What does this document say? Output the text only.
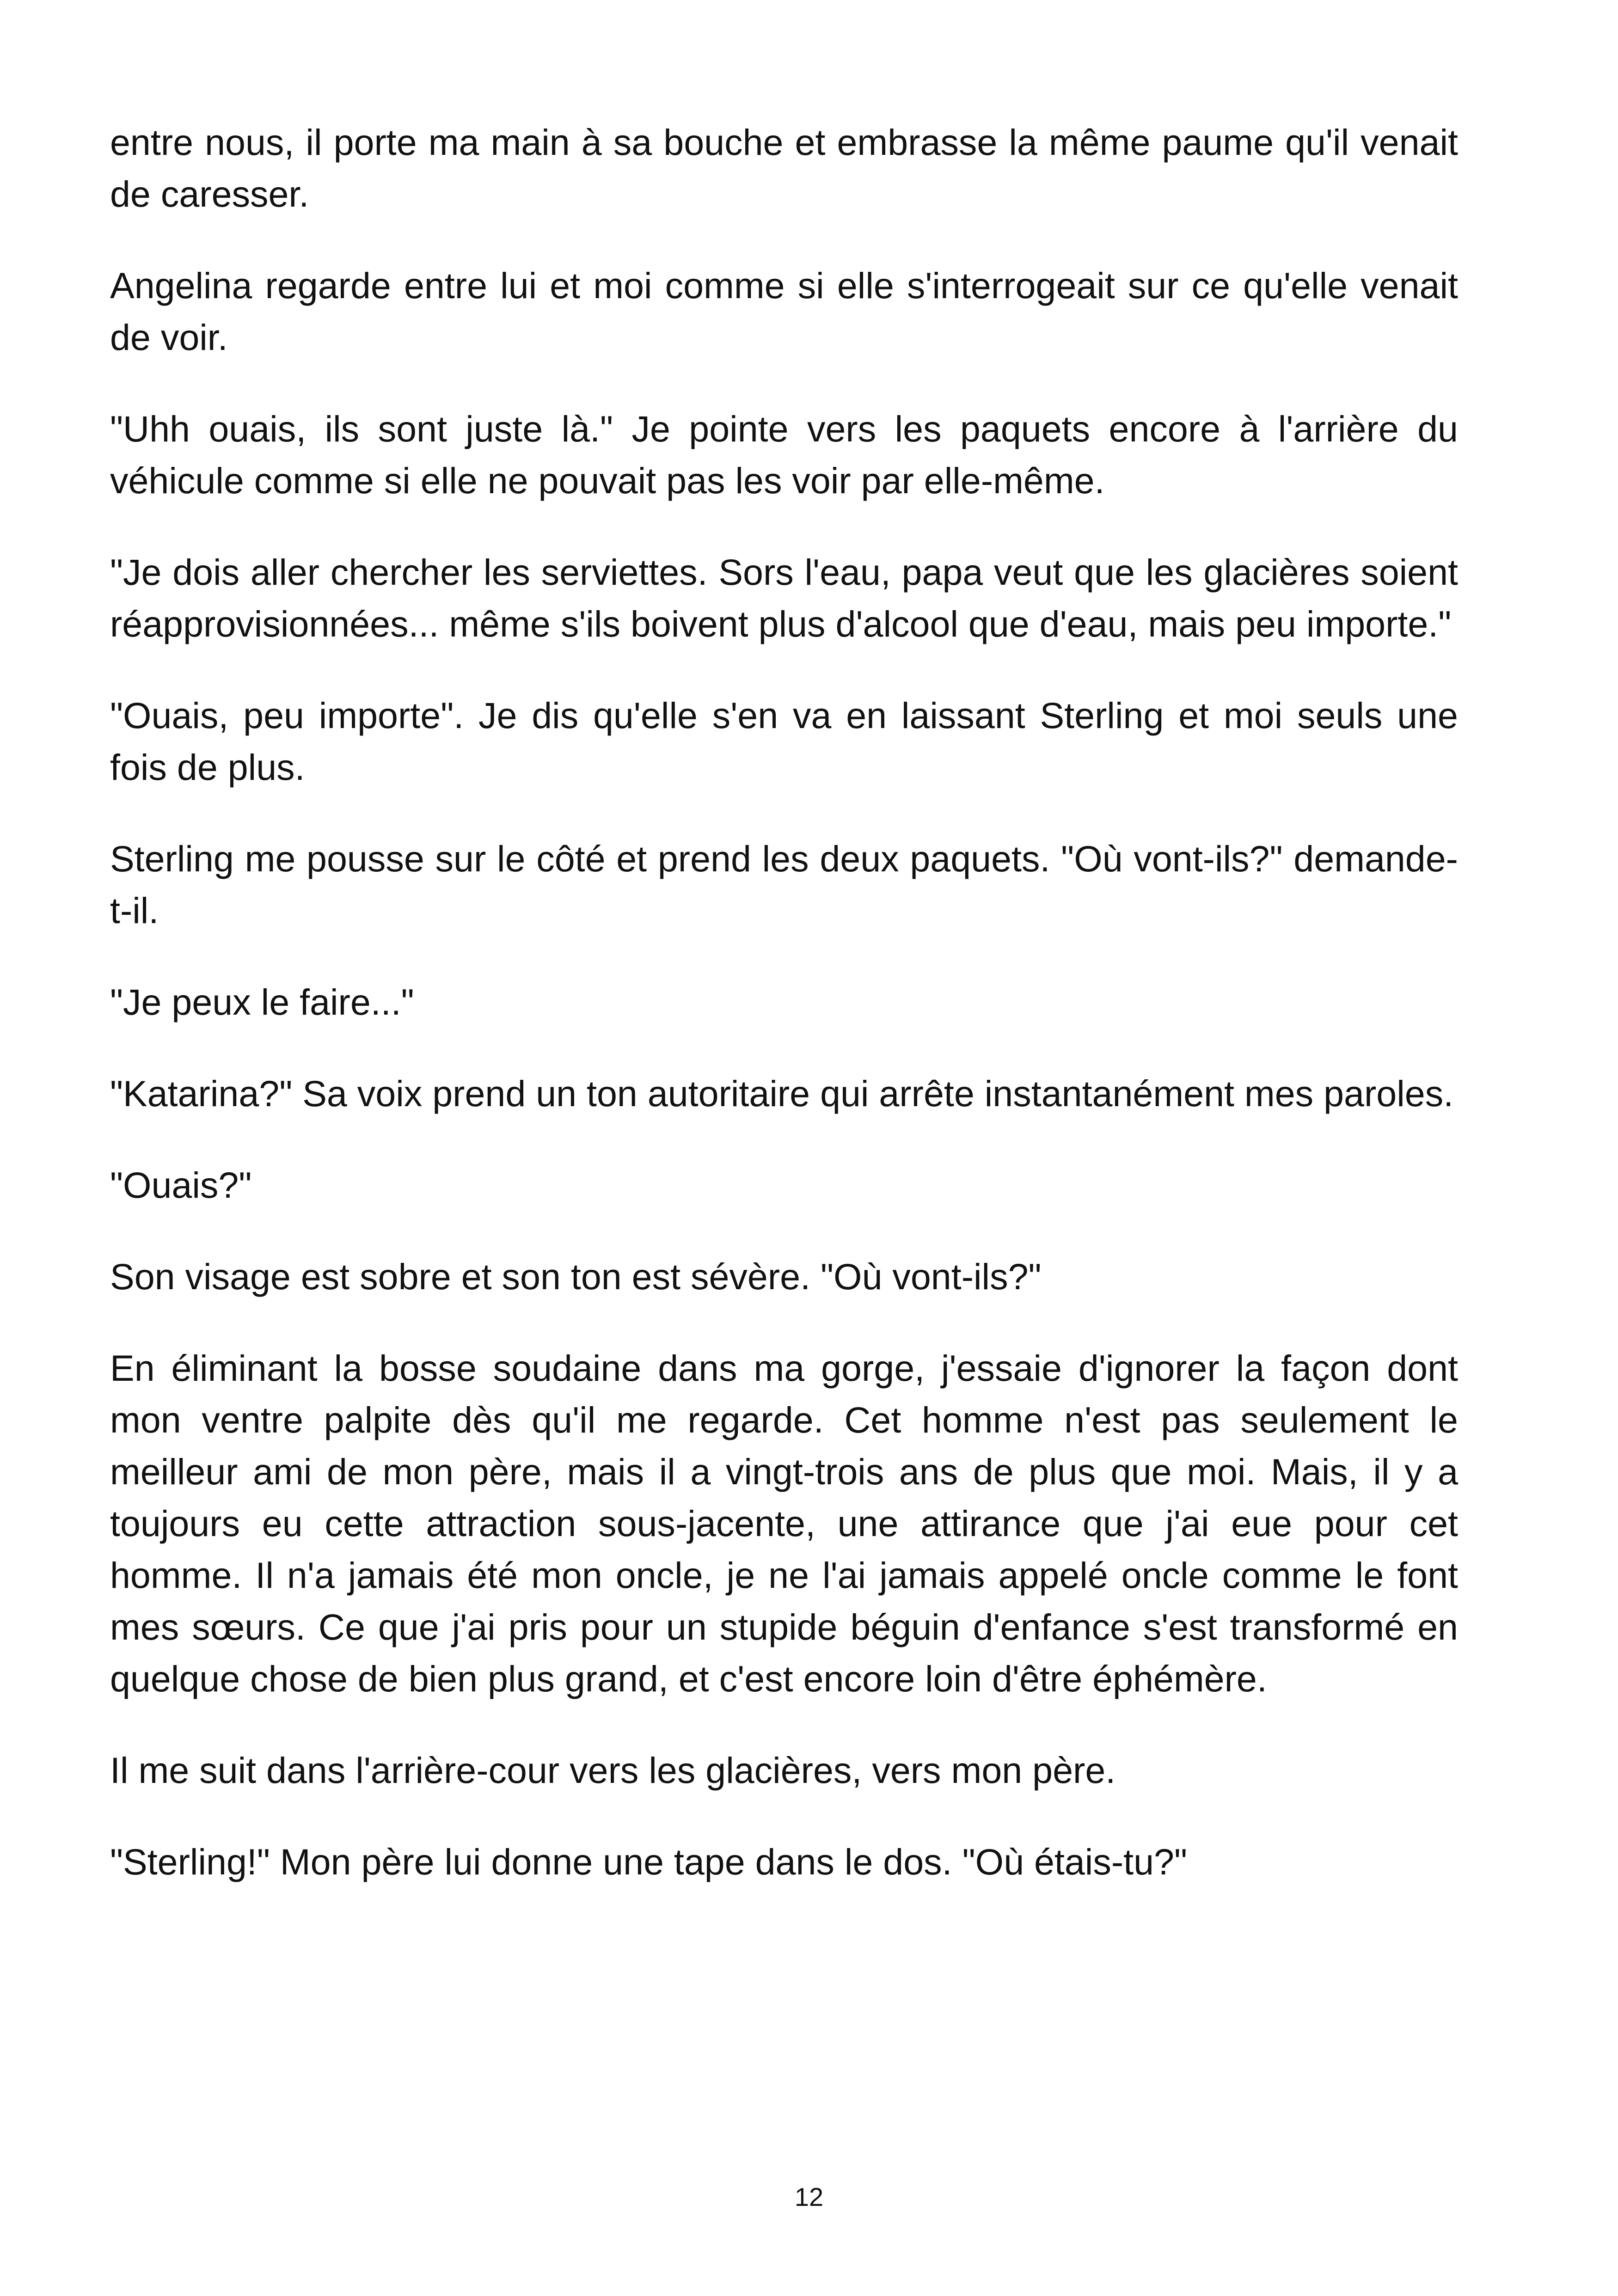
entre nous, il porte ma main à sa bouche et embrasse la même paume qu'il venait de caresser.

Angelina regarde entre lui et moi comme si elle s'interrogeait sur ce qu'elle venait de voir.

"Uhh ouais, ils sont juste là." Je pointe vers les paquets encore à l'arrière du véhicule comme si elle ne pouvait pas les voir par elle-même.

"Je dois aller chercher les serviettes. Sors l'eau, papa veut que les glacières soient réapprovisionnées... même s'ils boivent plus d'alcool que d'eau, mais peu importe."

"Ouais, peu importe". Je dis qu'elle s'en va en laissant Sterling et moi seuls une fois de plus.

Sterling me pousse sur le côté et prend les deux paquets. "Où vont-ils?" demande-t-il.

"Je peux le faire..."

"Katarina?" Sa voix prend un ton autoritaire qui arrête instantanément mes paroles.

"Ouais?"

Son visage est sobre et son ton est sévère. "Où vont-ils?"

En éliminant la bosse soudaine dans ma gorge, j'essaie d'ignorer la façon dont mon ventre palpite dès qu'il me regarde. Cet homme n'est pas seulement le meilleur ami de mon père, mais il a vingt-trois ans de plus que moi. Mais, il y a toujours eu cette attraction sous-jacente, une attirance que j'ai eue pour cet homme. Il n'a jamais été mon oncle, je ne l'ai jamais appelé oncle comme le font mes sœurs. Ce que j'ai pris pour un stupide béguin d'enfance s'est transformé en quelque chose de bien plus grand, et c'est encore loin d'être éphémère.

Il me suit dans l'arrière-cour vers les glacières, vers mon père.

"Sterling!" Mon père lui donne une tape dans le dos. "Où étais-tu?"

12
